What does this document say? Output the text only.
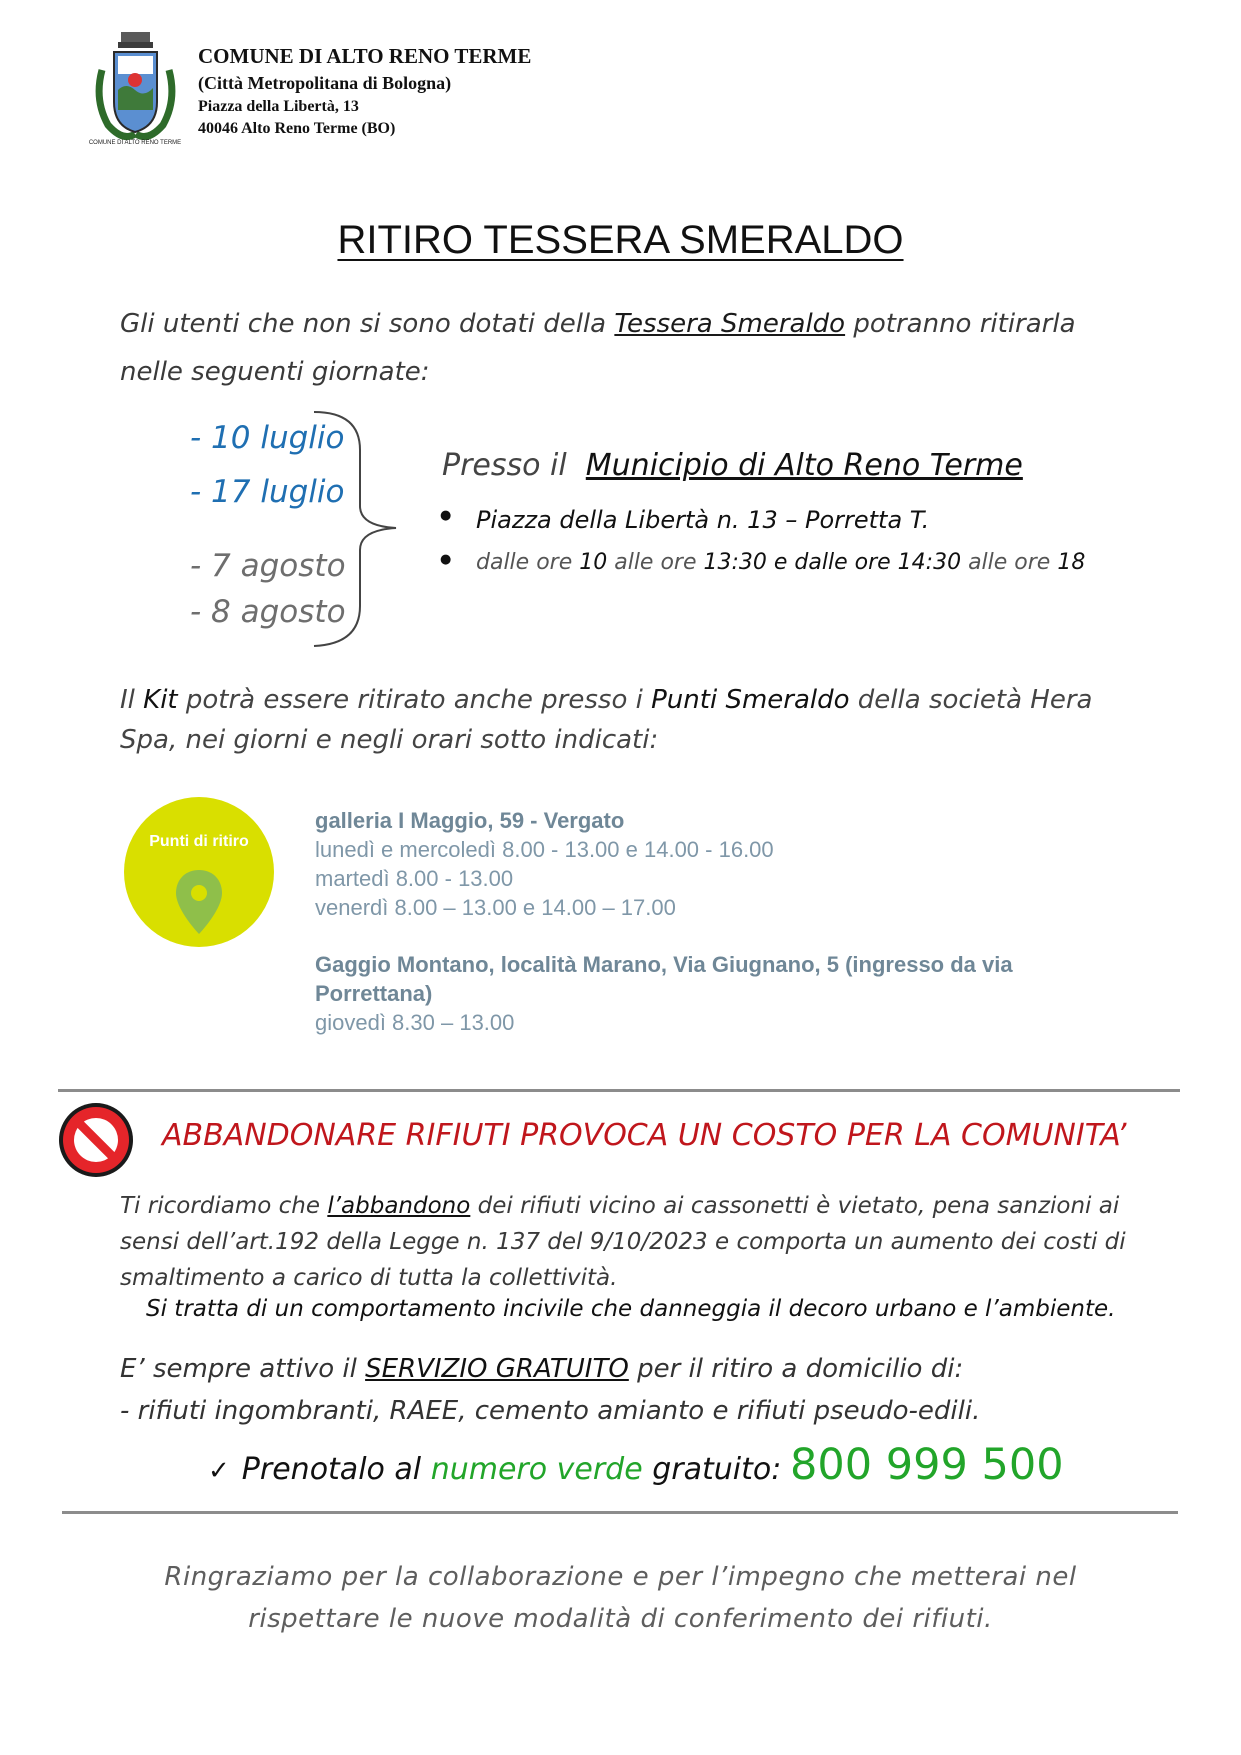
COMUNE DI ALTO RENO TERME
COMUNE DI ALTO RENO TERME
(Città Metropolitana di Bologna)
Piazza della Libertà, 13
40046 Alto Reno Terme (BO)
RITIRO TESSERA SMERALDO
Gli utenti che non si sono dotati della Tessera Smeraldo potranno ritirarla nelle seguenti giornate:
- 10 luglio
- 17 luglio
- 7 agosto
- 8 agosto
Presso il Municipio di Alto Reno Terme
● Piazza della Libertà n. 13 – Porretta T.
● dalle ore 10 alle ore 13:30 e dalle ore 14:30 alle ore 18
Il Kit potrà essere ritirato anche presso i Punti Smeraldo della società Hera Spa, nei giorni e negli orari sotto indicati:
Punti di ritiro
galleria I Maggio, 59 - Vergato
lunedì e mercoledì 8.00 - 13.00 e 14.00 - 16.00
martedì 8.00 - 13.00
venerdì 8.00 – 13.00 e 14.00 – 17.00
Gaggio Montano, località Marano, Via Giugnano, 5 (ingresso da via
Porrettana)
giovedì 8.30 – 13.00
ABBANDONARE RIFIUTI PROVOCA UN COSTO PER LA COMUNITA’
Ti ricordiamo che l’abbandono dei rifiuti vicino ai cassonetti è vietato, pena sanzioni ai sensi dell’art.192 della Legge n. 137 del 9/10/2023 e comporta un aumento dei costi di smaltimento a carico di tutta la collettività.
Si tratta di un comportamento incivile che danneggia il decoro urbano e l’ambiente.
E’ sempre attivo il SERVIZIO GRATUITO per il ritiro a domicilio di:
- rifiuti ingombranti, RAEE, cemento amianto e rifiuti pseudo-edili.
✓ Prenotalo al numero verde gratuito: 800 999 500
Ringraziamo per la collaborazione e per l’impegno che metterai nel
rispettare le nuove modalità di conferimento dei rifiuti.
